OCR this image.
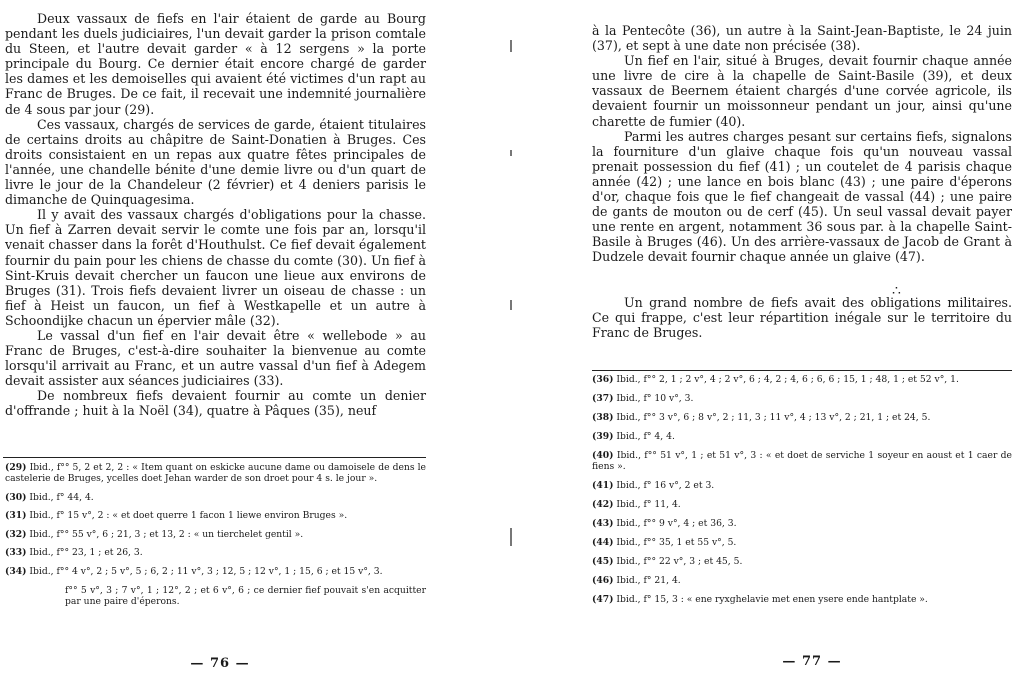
Deux vassaux de fiefs en l'air étaient de garde au Bourg pendant les duels judiciaires, l'un devait garder la prison comtale du Steen, et l'autre devait garder « à 12 sergens » la porte principale du Bourg. Ce dernier était encore chargé de garder les dames et les demoiselles qui avaient été victimes d'un rapt au Franc de Bruges. De ce fait, il recevait une indemnité journalière de 4 sous par jour (29).

Ces vassaux, chargés de services de garde, étaient titulaires de certains droits au châpitre de Saint-Donatien à Bruges. Ces droits consistaient en un repas aux quatre fêtes principales de l'année, une chandelle bénite d'une demie livre ou d'un quart de livre le jour de la Chandeleur (2 février) et 4 deniers parisis le dimanche de Quinquagesima.

Il y avait des vassaux chargés d'obligations pour la chasse. Un fief à Zarren devait servir le comte une fois par an, lorsqu'il venait chasser dans la forêt d'Houthulst. Ce fief devait également fournir du pain pour les chiens de chasse du comte (30). Un fief à Sint-Kruis devait chercher un faucon une lieue aux environs de Bruges (31). Trois fiefs devaient livrer un oiseau de chasse : un fief à Heist un faucon, un fief à Westkapelle et un autre à Schoondijke chacun un épervier mâle (32).

Le vassal d'un fief en l'air devait être « wellebode » au Franc de Bruges, c'est-à-dire souhaiter la bienvenue au comte lorsqu'il arrivait au Franc, et un autre vassal d'un fief à Adegem devait assister aux séances judiciaires (33).

De nombreux fiefs devaient fournir au comte un denier d'offrande ; huit à la Noël (34), quatre à Pâques (35), neuf

(29) Ibid., f°° 5, 2 et 2, 2 : « Item quant on eskicke aucune dame ou damoisele de dens le castelerie de Bruges, ycelles doet Jehan warder de son droet pour 4 s. le jour ».
(30) Ibid., f° 44, 4.
(31) Ibid., f° 15 v°, 2 : « et doet querre 1 facon 1 liewe environ Bruges ».
(32) Ibid., f°° 55 v°, 6 ; 21, 3 ; et 13, 2 : « un tierchelet gentil ».
(33) Ibid., f°° 23, 1 ; et 26, 3.
(34) Ibid., f°° 4 v°, 2 ; 5 v°, 5 ; 6, 2 ; 11 v°, 3 ; 12, 5 ; 12 v°, 1 ; 15, 6 ; et 15 v°, 3.
f°° 5 v°, 3 ; 7 v°, 1 ; 12°, 2 ; et 6 v°, 6 ; ce dernier fief pouvait s'en acquitter par une paire d'éperons.
— 76 —

à la Pentecôte (36), un autre à la Saint-Jean-Baptiste, le 24 juin (37), et sept à une date non précisée (38).

Un fief en l'air, situé à Bruges, devait fournir chaque année une livre de cire à la chapelle de Saint-Basile (39), et deux vassaux de Beernem étaient chargés d'une corvée agricole, ils devaient fournir un moissonneur pendant un jour, ainsi qu'une charette de fumier (40).

Parmi les autres charges pesant sur certains fiefs, signalons la fourniture d'un glaive chaque fois qu'un nouveau vassal prenait possession du fief (41) ; un coutelet de 4 parisis chaque année (42) ; une lance en bois blanc (43) ; une paire d'éperons d'or, chaque fois que le fief changeait de vassal (44) ; une paire de gants de mouton ou de cerf (45). Un seul vassal devait payer une rente en argent, notamment 36 sous par. à la chapelle Saint-Basile à Bruges (46). Un des arrière-vassaux de Jacob de Grant à Dudzele devait fournir chaque année un glaive (47).

Un grand nombre de fiefs avait des obligations militaires. Ce qui frappe, c'est leur répartition inégale sur le territoire du Franc de Bruges.

∴
(36) Ibid., f°° 2, 1 ; 2 v°, 4 ; 2 v°, 6 ; 4, 2 ; 4, 6 ; 6, 6 ; 15, 1 ; 48, 1 ; et 52 v°, 1.
(37) Ibid., f° 10 v°, 3.
(38) Ibid., f°° 3 v°, 6 ; 8 v°, 2 ; 11, 3 ; 11 v°, 4 ; 13 v°, 2 ; 21, 1 ; et 24, 5.
(39) Ibid., f° 4, 4.
(40) Ibid., f°° 51 v°, 1 ; et 51 v°, 3 : « et doet de serviche 1 soyeur en aoust et 1 caer de fiens ».
(41) Ibid., f° 16 v°, 2 et 3.
(42) Ibid., f° 11, 4.
(43) Ibid., f°° 9 v°, 4 ; et 36, 3.
(44) Ibid., f°° 35, 1 et 55 v°, 5.
(45) Ibid., f°° 22 v°, 3 ; et 45, 5.
(46) Ibid., f° 21, 4.
(47) Ibid., f° 15, 3 : « ene ryxghelavie met enen ysere ende hantplate ».
— 77 —
